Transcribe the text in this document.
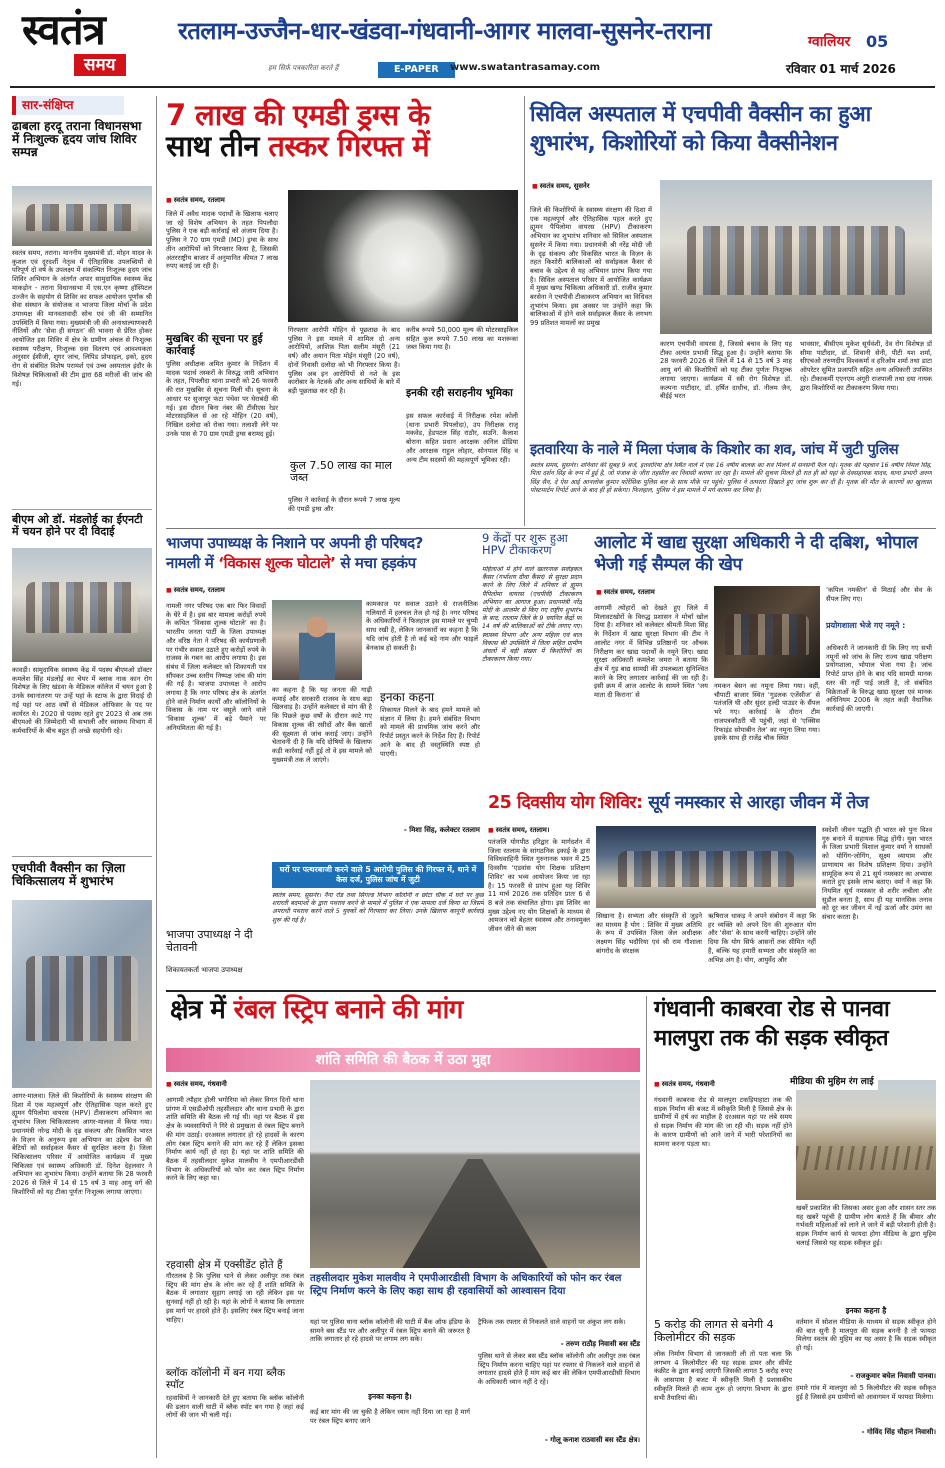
स्वतंत्र
समय
रतलाम-उज्जैन-धार-खंडवा-गंधवानी-आगर मालवा-सुसनेर-तराना	ग्वालियर 05
हम सिर्फ़ पत्रकारिता करते हैं	E-PAPER	www.swatantrasamay.com	रविवार 01 मार्च 2026
सार-संक्षिप्त
ढाबला हरदू तराना विधानसभा में निःशुल्क हृदय जांच शिविर सम्पन्न
स्वतंत्र समय, तराना। माननीय मुख्यमंत्री डॉ. मोहन यादव के कुशल एवं दूरदर्शी नेतृत्व में ऐतिहासिक उपलब्धियों से परिपूर्ण दो वर्ष के उपलक्ष्य में संकल्पित निःशुल्क हृदय जांच शिविर अभियान के अंतर्गत अपार सामुदायिक स्वास्थ्य केंद्र माकड़ोन - तराना विधानसभा में एस.एन कृष्णा हॉस्पिटल उज्जैन के सहयोग से शिविर का सफल आयोजन पूर्णांक श्री सेवा संस्थान के संयोजक व भाजपा जिला मोर्चा के प्रदेश उपाध्यक्ष की मानवतावादी सोच एवं जी की सम्मानित उपस्थिति में किया गया। मुख्यमंत्री जी की अनाथाल्याणकारी नीतियों और ‘सेवा ही संगठन’ की भावना से प्रेरित होकर आयोजित इस शिविर में क्षेत्र के ग्रामीण अंचल से निःशुल्क स्वास्थ्य परीक्षण, निःशुल्क दवा वितरण एवं आवश्यकता अनुसार ईसीजी, शुगर जांच, लिपिड प्रोफाइल, इको, हृदय रोग से संबंधित विशेष परामर्श एवं उच्च अस्पताल इंदौर के विशेषज्ञ चिकित्सकों की टीम द्वारा 68 मरीजों की जांच की गई।
बीएम ओ डॉ. मंडलोई का ईएनटी में चयन होने पर दी विदाई
कावड़ी। सामुदायिक स्वास्थ्य केंद्र में पदस्थ बीएमओ डॉक्टर कमलेश सिंह मंडलोई का चेयर में ब्लाक नाक कान रोग विशेषज्ञ के लिए खंडवा के मेडिकल कॉलेज में चयन हुआ है उनके स्थानांतरण पर उन्हें यहां के स्टाफ के द्वारा विदाई दी गई यहां पर आठ वर्षों से मेडिकल ऑफिसर के पद पर कार्यरत थे। 2020 से पदस्थ रहते हुए 2023 से अब तक बीएमओ की जिम्मेदारी भी सभाली और स्वास्थ्य विभाग में कर्मचारियों के बीच बहुत ही अच्छे सहयोगी रहे।
एचपीवी वैक्सीन का ज़िला चिकित्सालय में शुभारंभ
आगर-मालवा। ज़िले की किशोरियों के स्वास्थ्य संरक्षण की दिशा में एक महत्वपूर्ण और ऐतिहासिक पहल करते हुए ह्यूमन पैपिलोमा वायरस (HPV) टीकाकरण अभियान का शुभारंभ जिला चिकित्सालय आगर-मालवा में किया गया। प्रधानमंत्री नरेन्द्र मोदी के दृढ़ संकल्प और विकसित भारत के विज़न के अनुरूप इस अभियान का उद्देश्य देश की बेटियों को सर्वाइकल कैंसर से सुरक्षित करना है। जिला चिकित्सालय परिसर में आयोजित कार्यक्रम में मुख्य चिकित्सा एवं स्वास्थ्य अधिकारी डॉ. दिनेश देहलवार ने अभियान का शुभारंभ किया। उन्होंने बताया कि 28 फरवरी 2026 से जिले में 14 से 15 वर्ष 3 माह आयु वर्ग की किशोरियों को यह टीका पूर्णतः निःशुल्क लगाया जाएगा।
7 लाख की एमडी ड्रग्स के
साथ तीन तस्कर गिरफ्त में
■ स्वतंत्र समय, रतलाम
जिले में अवैध मादक पदार्थों के खिलाफ चलाए जा रहे विशेष अभियान के तहत पिपलौदा पुलिस ने एक बड़ी कार्रवाई को अंजाम दिया है। पुलिस ने 70 ग्राम एमडी (MD) ड्रग्स के साथ तीन आरोपियों को गिरफ्तार किया है, जिसकी अंतरराष्ट्रीय बाजार में अनुमानित कीमत 7 लाख रुपए बताई जा रही है।
मुखबिर की सूचना पर हुई कार्रवाई
पुलिस अधीक्षक अमित कुमार के निर्देशन में मादक पदार्थ तस्करों के विरुद्ध जारी अभियान के तहत, पिपलौदा थाना प्रभारी को 26 फरवरी की रात मुखबिर से सूचना मिली थी। सूचना के आधार पर सुजापुर फंटा पंथेवा पर घेराबंदी की गई। इस दौरान बिना नंबर की टीवीएस रेडर मोटरसाइकिल से आ रहे मोहिन (20 वर्ष), निखिल दलोदा को रोका गया। तलाशी लेने पर उनके पास से 70 ग्राम एमडी ड्रग्स बरामद हुई।
गिरफ्तार आरोपी मोहिन से पूछताछ के बाद पुलिस ने इस मामले में शामिल दो अन्य आरोपियों, आशिफ़ पिता सलीम मंसूरी (21 वर्ष) और अयान पिता मोईन मंसूरी (20 वर्ष), दोनों निवासी दलोदा को भी गिरफ्तार किया है। पुलिस अब इन आरोपियों से नशे के इस कारोबार के नेटवर्क और अन्य साथियों के बारे में बड़ी पूछताछ कर रही है।
कुल 7.50 लाख का माल जब्त
पुलिस ने कार्रवाई के दौरान रूपये 7 लाख मूल्य की एमडी ड्रग्स और
करीब रूपये 50,000 मूल्य की मोटरसाइकिल सहित कुल रूपये 7.50 लाख का मशरूका जब्त किया गया है।
इनकी रही सराहनीय भूमिका
इस सफल कार्रवाई में निरीक्षक रमेश कोली (थाना प्रभारी पिपलोदा), उप निरीक्षक राजू मकवेड, हेडपटल सिंह राठौर, सउनि. कैलाश बोराना सहित प्रधान आरक्षक अनिल डोडिया और आरक्षक राहुल लोहार, सोनपाल सिंह व अन्य टीम सदस्यों की महत्वपूर्ण भूमिका रही।
सिविल अस्पताल में एचपीवी वैक्सीन का हुआ
शुभारंभ, किशोरियों को किया वैक्सीनेशन
■ स्वतंत्र समय, सुसनेर
जिले की किशोरियों के स्वास्थ्य संरक्षण की दिशा में एक महत्वपूर्ण और ऐतिहासिक पहल करते हुए ह्यूमन पैपिलोमा वायरस (HPV) टीकाकरण अभियान का शुभारंभ शनिवार को सिविल अस्पताल सुसनेर में किया गया। प्रधानमंत्री श्री नरेंद्र मोदी जी के दृढ़ संकल्प और विकसित भारत के विज़न के तहत किशोरी बालिकाओं को सर्वाइकल कैंसर से बचाव के उद्देश्य से यह अभियान प्रारंभ किया गया है। सिविल अस्पताल परिसर में आयोजित कार्यक्रम में मुख्य खण्ड चिकित्सा अधिकारी डॉ. राजीव कुमार बरसेना ने एचपीवी टीकाकरण अभियान का विधिवत शुभारंभ किया। इस अवसर पर उन्होंने कहा कि बालिकाओं में होने वाले सर्वाइकल कैंसर के लगभग 99 प्रतिशत मामलों का प्रमुख
कारण एचपीवी वायरस है, जिससे बचाव के लिए यह टीका अत्यंत प्रभावी सिद्ध हुआ है। उन्होंने बताया कि 28 फरवरी 2026 से जिले में 14 से 15 वर्ष 3 माह आयु वर्ग की किशोरियों को यह टीका पूर्णतः निःशुल्क लगाया जाएगा। कार्यक्रम में स्त्री रोग विशेषज्ञ डॉ. कल्पना पाटीदार, डॉ. हर्षित दाधीच, डॉ. नीलम जैन, बीईई भरत
भावसार, बीसीएम मुकेश सूर्यवंशी, देव रोग विशेषज्ञ डॉ सीमा पाटीदार, डॉ. शिवानी सेनी, पीटी यश शर्मा, सीएचओ तरुणदीप विश्वकर्मा व हरिओम शर्मा तथा डाटा ऑपरेटर सुमित प्रजापति सहित अन्य अधिकारी उपस्थित रहे। टीकाकर्मी एएनएम अंगूरी राजपाली तथा दया नायक द्वारा किशोरियों का टीकाकरण किया गया।
इतवारिया के नाले में मिला पंजाब के किशोर का शव, जांच में जुटी पुलिस
स्वतंत्र समय, सुसनेर। शनिवार की सुबह 9 बजे, इतवारिया क्षेत्र स्थित नाले में एक 16 वर्षीय बालक का शव मिलने से सनसनी फैल गई। मृतक की पहचान 16 वर्षीय निमल सिंह, पिता दर्शन सिंह के रूप में हुई है, जो पंजाब के जीरा तहसील का निवासी बताया जा रहा है। मामले की सूचना मिलते ही रात ही को यहां के देवसहायक यादव, थाना प्रभारी अरुण सिंह सैन, दे ऐस आई आनलोक कुमार फोरेंसिक पुलिस बल के साथ मौके पर पहुंचे। पुलिस ने तत्परता दिखाते हुए जांच शुरू कर दी है। मृतक की मौत के कारणों का खुलासा पोस्टमार्टम रिपोर्ट आने के बाद ही हो सकेगा। फिलहाल, पुलिस ने इस मामले में मर्ग कायम कर लिया है।
भाजपा उपाध्यक्ष के निशाने पर अपनी ही परिषद?
नामली में ‘विकास शुल्क घोटाले’ से मचा हड़कंप
■ स्वतंत्र समय, रतलाम
नामली नगर परिषद एक बार फिर विवादों के घेरे में है। इस बार मामला करोड़ों रुपये के कथित ‘विकास शुल्क घोटाले’ का है। भारतीय जनता पार्टी के जिला उपाध्यक्ष और वरिष्ठ नेता ने परिषद की कार्यप्रणाली पर गंभीर सवाल उठाते हुए करोड़ों रुपये के राजस्व के गबन का आरोप लगाया है। इस संबंध में जिला कलेक्टर को शिकायती पत्र सौंपकर उच्च स्तरीय निष्पक्ष जांच की मांग की गई है। भाजपा उपाध्यक्ष ने आरोप लगाया है कि नगर परिषद क्षेत्र के अंतर्गत होने वाले निर्माण कार्यों और कॉलोनियों के विकास के नाम पर वसूले जाने वाले ‘विकास शुल्क’ में बड़े पैमाने पर अनियमितता की गई है।
भाजपा उपाध्यक्ष ने दी चेतावनी
कामकाज पर सवाल उठाने से राजनीतिक गलियारों में हलचल तेज हो गई है। नगर परिषद के अधिकारियों ने फिलहाल इस मामले पर चुप्पी साध रखी है, लेकिन जानकारों का कहना है कि यदि जांच होती है तो कई बड़े नाम और फाइलें बेनकाब हो सकती है।
का कहना है कि यह जनता की गाढ़ी कमाई और सरकारी राजस्व के साथ बड़ा खिलवाड़ है। उन्होंने कलेक्टर से मांग की है कि पिछले कुछ वर्षों के दौरान काटे गए विकास शुल्क की रसीदों और बैंक खातों की सूक्ष्मता से जांच कराई जाए। उन्होंने चेतावनी दी है कि यदि दोषियों के खिलाफ कड़ी कार्रवाई नहीं हुई तो वे इस मामले को मुख्यमंत्री तक ले जाएंगे।
इनका कहना
शिकायत मिलने के बाद हमने मामले को संज्ञान में लिया है। हमने संबंधित विभाग को मामले की प्राथमिक जांच करने और रिपोर्ट प्रस्तुत करने के निर्देश दिए हैं। रिपोर्ट आने के बाद ही वस्तुस्थिति स्पष्ट हो पाएगी।
- मिशा सिंह, कलेक्टर रतलाम
शिकायतकर्ता भाजपा उपाध्यक्ष
9 केंद्रों पर शुरू हुआ HPV टीकाकरण
महिलाओं में होने वाले खतरनाक सर्वाइकल कैंसर (गर्भाशय ग्रीवा कैंसर) से सुरक्षा प्रदान करने के लिए जिले में शनिवार से ह्यूमन पैपिलोमा वायरस (एचपीवी) टीकाकरण अभियान का आगाज हुआ। प्रधानमंत्री नरेंद्र मोदी के आजमेर से किए गए राष्ट्रीय शुभारंभ के बाद, रतलाम जिले के 9 चयनित केंद्रों पर 14 वर्ष की बालिकाओं को टीके लगाए गए। स्वास्थ्य विभाग और अन्य महिला एवं बाल विकास की उपस्थिति में जिला सहित ग्रामीण अंचलों में बड़ी संख्या में किशोरियों का टीकाकरण किया गया।
घरों पर पत्थरबाजी करने वाले 5 आरोपी पुलिस की गिरफ्त में, थाने में केस दर्ज, पुलिस जांच में जुटी
स्वतंत्र समय, सुसनेर। नैना रोड तथा सिंगल्ड विभाग कॉलोनी व छोटा चौक में घरों पर कुछ शरारती बदमाशों के द्वारा पथराव करने के मामले में पुलिस ने एक मामला दर्ज किया था जिसमें अपराधी पथराव करने वाले 5 युवकों को गिरफ्तार कर लिया। उनके खिलाफ कानूनी कार्रवाई शुरू की गई है।
आलोट में खाद्य सुरक्षा अधिकारी ने दी दबिश, भोपाल भेजी गई सैम्पल की खेप
■ स्वतंत्र समय, रतलाम
आगामी त्योहारों को देखते हुए जिले में मिलावटखोरों के विरुद्ध प्रशासन ने मोर्चा खोल दिया है। शनिवार को कलेक्टर श्रीमती मिशा सिंह के निर्देशन में खाद्य सुरक्षा विभाग की टीम ने आलोट नगर में विभिन्न प्रतिष्ठानों पर औचक निरीक्षण कर खाद्य पदार्थों के नमूने लिए। खाद्य सुरक्षा अधिकारी कमलेश जमरा ने बताया कि क्षेत्र में गुड़ बाद्य सामग्री की उपलब्धता सुनिश्चित करने के लिए लगातार कार्रवाई की जा रही है। इसी क्रम में आज आलोट के सामने स्थित ‘जय माता दी किराना’ से
नमकन बेसन का नमूना लिया गया। वहीं, चौपाटी बाजार स्थित ‘गुडलक एजेंसीज’ से पतंजलि घी और सुंदर हल्दी पाउडर के सैंपल भरे गए। कार्रवाई के दौरान टीम राजपत्रकौठरी भी पहुंची, जहां से ‘एक्सिस रिफाइंड सोयाबीन तेल’ का नमूना लिया गया। इसके साथ ही राजेंद्र चौक स्थित
‘कपिल नमकीन’ से मिठाई और सेव के सैंपल लिए गए।
प्रयोगशाला भेजे गए नमूने :
अधिकारी ने जानकारी दी कि लिए गए सभी नमूनों को जांच के लिए राज्य खाद्य परीक्षण प्रयोगशाला, भोपाल भेजा गया है। जांच रिपोर्ट प्राप्त होने के बाद यदि सामग्री मानक स्तर की नहीं पाई जाती है, तो संबंधित विक्रेताओं के विरुद्ध खाद्य सुरक्षा एवं मानक अधिनियम 2006 के तहत कड़ी वैधानिक कार्रवाई की जाएगी।
25 दिवसीय योग शिविर: सूर्य नमस्कार से आरहा जीवन में तेज
■ स्वतंत्र समय, रतलाम।
पतंजलि योगपीठ हरिद्वार के मार्गदर्शन में जिला रतलाम के सांगठनिक इकाई के द्वारा विविधवाहिनी स्थित गुरुनानक भवन में 25 दिवसीय ‘एडवांस योग शिक्षक प्रशिक्षण शिविर’ का भव्य आयोजन किया जा रहा है। 15 फरवरी से प्रारंभ हुआ यह शिविर 11 मार्च 2026 तक प्रतिदिन प्रातः 6 से 8 बजे तक संचालित होगा। इस शिविर का मुख्य उद्देश्य नए योग शिक्षकों के माध्यम से आमजन को बेहतर स्वास्थ्य और तनावमुक्त जीवन जीने की कला
सिखाना है। सभ्यता और संस्कृति से जुड़ने का माध्यम है योग : शिविर में मुख्य अतिथि के रूप में उपस्थित जिला जेल अधीक्षक लक्ष्मण सिंह भदौरिया एवं श्री राम गौशाला बांगरोद के संरक्षक
ऋषिराज धाकड़ ने अपने संबोधन में कहा कि हर व्यक्ति को अपने दिन की शुरुआत योग और ‘सेवा’ के साथ करनी चाहिए। उन्होंने जोर दिया कि योग सिर्फ आसनों तक सीमित नहीं है, बल्कि यह हमारी सभ्यता और संस्कृति का अभिन्न अंग है। योग, आयुर्वेद और
स्वदेशी जीवन पद्धति ही भारत को पुनः विश्व गुरु बनाने में सहायक सिद्ध होंगी। युवा भारत के जिला प्रभारी विशाल कुमार वर्मा ने साधकों को योगिंग-जोगिंग, सूक्ष्म व्यायाम और प्राणायाम का विशेष प्रशिक्षण दिया। उन्होंने सामूहिक रूप से 21 सूर्य नमस्कार का अभ्यास कराते हुए इसके लाभ बताए। वर्मा ने कहा कि नियमित सूर्य नमस्कार से शरीर लचीला और सुडौल बनता है, साथ ही यह मानसिक तनाव को दूर कर जीवन में नई ऊर्जा और उमंग का संचार करता है।
क्षेत्र में रंबल स्ट्रिप बनाने की मांग
शांति समिति की बैठक में उठा मुद्दा
■ स्वतंत्र समय, गंधवानी
आगामी त्यौहार होली भगोरिया को लेकर विगत दिनों थाना प्रांगण में एसडीओपी तहसीलदार और थाना प्रभारी के द्वारा शांति समिति की बैठक ली गई थी। वहां पर बैठक में इस क्षेत्र के व्यवसायियों ने गिरे से प्रमुखता से रंबल स्ट्रिप बनाने की मांग उठाई। दरअसल लगातार हो रहे हादसों के कारण लोग रंबल स्ट्रिप बनाने की मांग कर रहे हैं लेकिन इसका निर्माण कार्य नहीं हो रहा है। यहां पर शांति समिति की बैठक में तहसीलदार मुकेश मालवीय ने एमपीआरडीसी विभाग के अधिकारियों को फोन कर रंबल स्ट्रिप निर्माण करने के लिए कहा था।
रहवासी क्षेत्र में एक्सीडेंट होते हैं
गौरतलब है कि पुलिस थाने से लेकर अलीपुर तक रंबल स्ट्रिप की मांग क्षेत्र के लोग कर रहे हैं शांति समिति के बैठक में लगातार सुहाग लगाई जा रही लेकिन इस पर सुनवाई नहीं हो रही है। यहां के लोगों ने बताया कि लगातार इस मार्ग पर हादसे होते हैं। इसलिए रंबल स्ट्रिप बनाई जाना चाहिए।
ब्लॉक कॉलोनी में बन गया ब्लैक स्पॉट
रहवासियों ने जानकारी देते हुए बताया कि ब्लॉक कॉलोनी की ढलान वाली घाटी में ब्लैक स्पॉट बन गया है जहां कई लोगों की जान भी चली गई।
तहसीलदार मुकेश मालवीय ने एमपीआरडीसी विभाग के अधिकारियों को फोन कर रंबल स्ट्रिप निर्माण करने के लिए कहा साथ ही रहवासियों को आश्वासन दिया
यहां पर पुलिस थाना ब्लॉक कॉलोनी की घाटी में बैंक ऑफ इंडिया के सामने बस स्टैंड पर और अलीपुर में रंबल स्ट्रिप बनाने की जरूरत है ताकि लगातार हो रहे हादसे पर लगाम लग सके।
इनका कहना है।
कई बार मांग की जा चुकी है लेकिन ध्यान नहीं दिया जा रहा है मार्ग पर रंबल स्ट्रिप बनाए जाने
ट्रैफिक तक रफ्तार से निकलते वाले वाहनों पर अंकुश लग सके।
- तरुण राठौड़ निवासी बस स्टैंड
पुलिस थाने से लेकर बस स्टैंड ब्लॉक कॉलोनी और अलीपुर तक रंबल स्ट्रिप निर्माण करना चाहिए यहां पर रफ्तार से निकलने वाले वाहनों से लगातार हादसे होते हैं मांग कई बार की लेकिन एमपीआरडीसी विभाग के अधिकारी ध्यान नहीं दे रहे।
- गोलू कनाश राठवासी बस स्टैंड क्षेत्र।
गंधवानी काबरवा रोड से पानवा
मालपुरा तक की सड़क स्वीकृत
■ स्वतंत्र समय, गंधवानी
गंधवानी काबरवा रोड से मालपुरा टकड़ियाहाटा तक की सड़क निर्माण की बजट में स्वीकृति मिली है जिससे क्षेत्र के ग्रामीणों में हर्ष का माहौल है दरअसल यहां पर लंबे समय से सड़क निर्माण की मांग की जा रही थी। सड़क नहीं होने के कारण ग्रामीणों को आने जाने में भारी परेशानियों का सामना करना पड़ता था।
मीडिया की मुहिम रंग लाई
खबरें प्रकाशित की जिसका असर हुआ और शासन स्तर तक यह खबरें पहुंची है ग्रामीण लोग बताते हैं कि बीमार और गर्भवती महिलाओं को लाने ले जाने में बड़ी परेशानी होती है। सड़क निर्माण कार्य से फायदा होगा मीडिया के द्वारा मुहिम चलाई जिससे यह सड़क स्वीकृत हुई।
5 करोड़ की लागत से बनेगी 4 किलोमीटर की सड़क
लोक निर्माण विभाग से जानकारी ली तो पता चला कि लगभग 4 किलोमीटर की यह सड़क डामर और सीमेंट कंक्रीट के द्वारा बनाई जाएगी जिसकी लागत 5 करोड़ रुपए के आसपास है बजट में स्वीकृति मिली है प्रशासकीय स्वीकृति मिलते ही काम शुरू हो जाएगा विभाग के द्वारा सभी तैयारियां की।
इनका कहना है
वर्तमान में सोशल मीडिया के माध्यम से सड़क स्वीकृत होने की बात सुनी है मालपुरा की सड़क बननी है तो फायदा मिलेगा स्वतंत्र की मुहिम का यह असर है कि सड़क स्वीकृत हो गई।
- राजकुमार बघेल निवासी पानवा।
हमारे गांव में मालपुरा को 5 किलोमीटर की सड़क स्वीकृत हुई है जिससे हम ग्रामीणों को आवागमन में फायदा मिलेगा।
- गोविंद सिंह चौहान निवासी।
